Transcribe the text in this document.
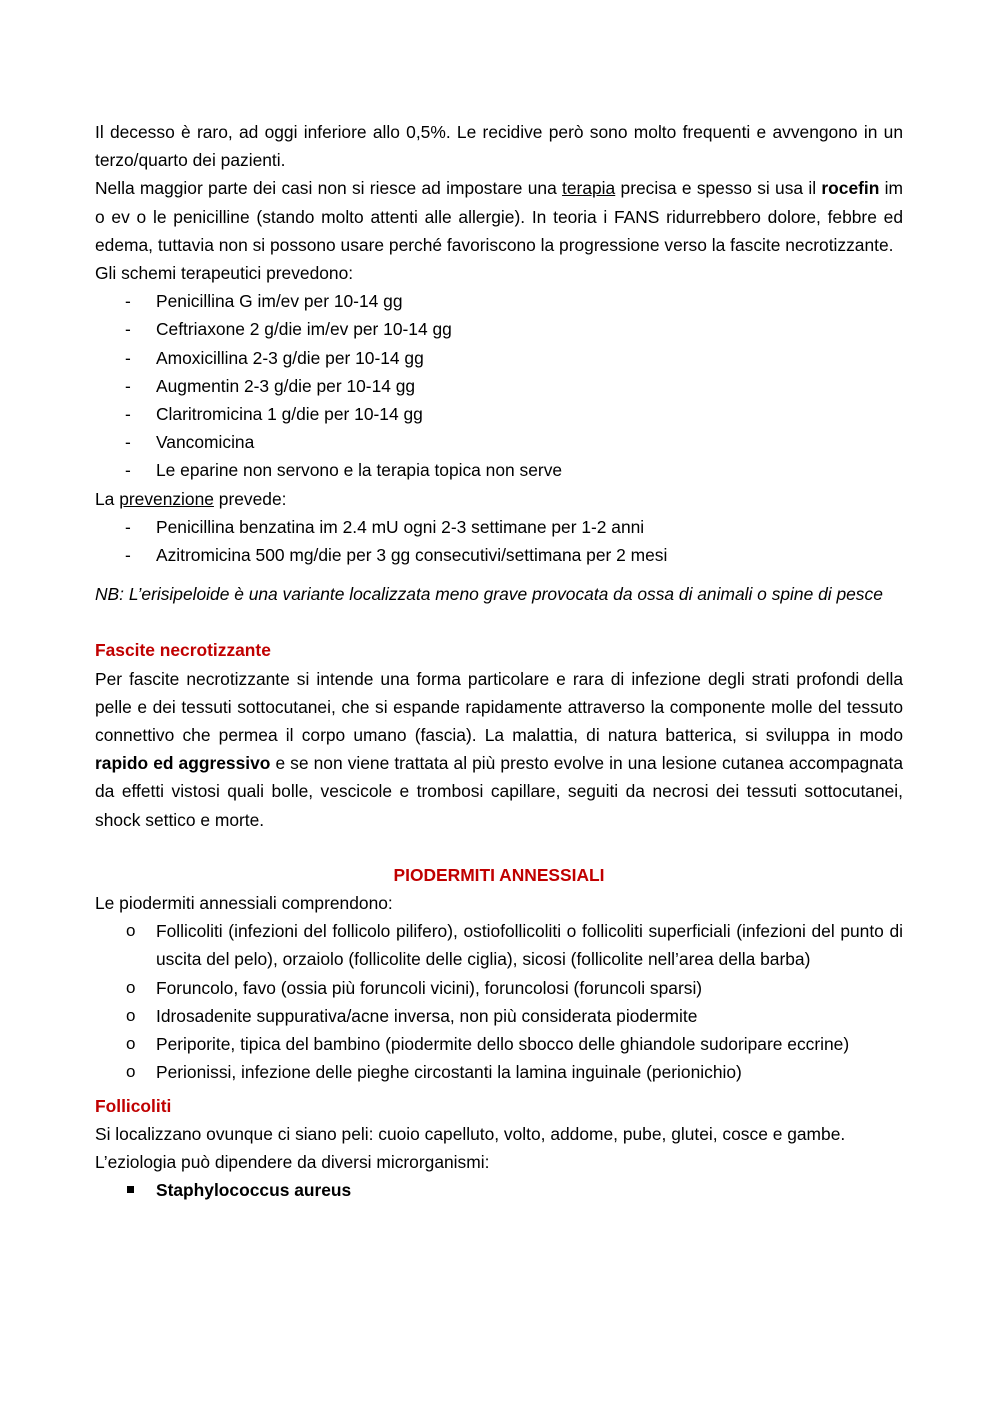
Il decesso è raro, ad oggi inferiore allo 0,5%. Le recidive però sono molto frequenti e avvengono in un terzo/quarto dei pazienti.

Nella maggior parte dei casi non si riesce ad impostare una terapia precisa e spesso si usa il rocefin im o ev o le penicilline (stando molto attenti alle allergie). In teoria i FANS ridurrebbero dolore, febbre ed edema, tuttavia non si possono usare perché favoriscono la progressione verso la fascite necrotizzante.

Gli schemi terapeutici prevedono:

- Penicillina G im/ev per 10-14 gg
- Ceftriaxone 2 g/die im/ev per 10-14 gg
- Amoxicillina 2-3 g/die per 10-14 gg
- Augmentin 2-3 g/die per 10-14 gg
- Claritromicina 1 g/die per 10-14 gg
- Vancomicina
- Le eparine non servono e la terapia topica non serve

La prevenzione prevede:

- Penicillina benzatina im 2.4 mU ogni 2-3 settimane per 1-2 anni
- Azitromicina 500 mg/die per 3 gg consecutivi/settimana per 2 mesi

NB: L’erisipeloide è una variante localizzata meno grave provocata da ossa di animali o spine di pesce

Fascite necrotizzante

Per fascite necrotizzante si intende una forma particolare e rara di infezione degli strati profondi della pelle e dei tessuti sottocutanei, che si espande rapidamente attraverso la componente molle del tessuto connettivo che permea il corpo umano (fascia). La malattia, di natura batterica, si sviluppa in modo rapido ed aggressivo e se non viene trattata al più presto evolve in una lesione cutanea accompagnata da effetti vistosi quali bolle, vescicole e trombosi capillare, seguiti da necrosi dei tessuti sottocutanei, shock settico e morte.

PIODERMITI ANNESSIALI

Le piodermiti annessiali comprendono:

o Follicoliti (infezioni del follicolo pilifero), ostiofollicoliti o follicoliti superficiali (infezioni del punto di uscita del pelo), orzaiolo (follicolite delle ciglia), sicosi (follicolite nell’area della barba)
o Foruncolo, favo (ossia più foruncoli vicini), foruncolosi (foruncoli sparsi)
o Idrosadenite suppurativa/acne inversa, non più considerata piodermite
o Periporite, tipica del bambino (piodermite dello sbocco delle ghiandole sudoripare eccrine)
o Perionissi, infezione delle pieghe circostanti la lamina inguinale (perionichio)

Follicoliti

Si localizzano ovunque ci siano peli: cuoio capelluto, volto, addome, pube, glutei, cosce e gambe.

L’eziologia può dipendere da diversi microrganismi:

Staphylococcus aureus
